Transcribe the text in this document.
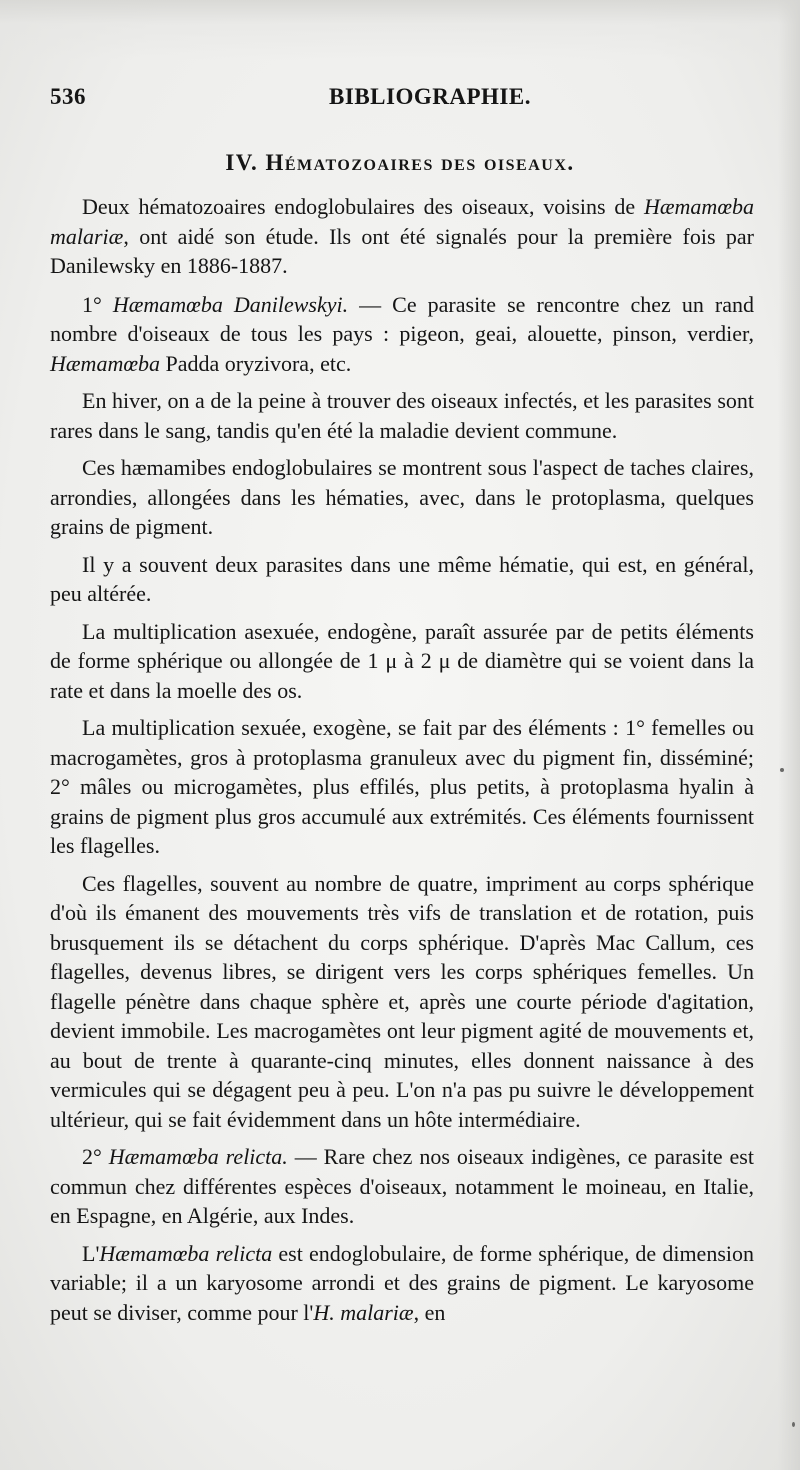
536	BIBLIOGRAPHIE.
IV. Hématozoaires des oiseaux.

Deux hématozoaires endoglobulaires des oiseaux, voisins de Hæmamœba malariæ, ont aidé son étude. Ils ont été signalés pour la première fois par Danilewsky en 1886-1887.

1° Hæmamœba Danilewskyi. — Ce parasite se rencontre chez un rand nombre d'oiseaux de tous les pays : pigeon, geai, alouette, pinson, verdier, Hæmamœba Padda oryzivora, etc.

En hiver, on a de la peine à trouver des oiseaux infectés, et les parasites sont rares dans le sang, tandis qu'en été la maladie devient commune.

Ces hæmamibes endoglobulaires se montrent sous l'aspect de taches claires, arrondies, allongées dans les hématies, avec, dans le protoplasma, quelques grains de pigment.

Il y a souvent deux parasites dans une même hématie, qui est, en général, peu altérée.

La multiplication asexuée, endogène, paraît assurée par de petits éléments de forme sphérique ou allongée de 1 μ à 2 μ de diamètre qui se voient dans la rate et dans la moelle des os.

La multiplication sexuée, exogène, se fait par des éléments : 1° femelles ou macrogamètes, gros à protoplasma granuleux avec du pigment fin, disséminé; 2° mâles ou microgamètes, plus effilés, plus petits, à protoplasma hyalin à grains de pigment plus gros accumulé aux extrémités. Ces éléments fournissent les flagelles.

Ces flagelles, souvent au nombre de quatre, impriment au corps sphérique d'où ils émanent des mouvements très vifs de translation et de rotation, puis brusquement ils se détachent du corps sphérique. D'après Mac Callum, ces flagelles, devenus libres, se dirigent vers les corps sphériques femelles. Un flagelle pénètre dans chaque sphère et, après une courte période d'agitation, devient immobile. Les macrogamètes ont leur pigment agité de mouvements et, au bout de trente à quarante-cinq minutes, elles donnent naissance à des vermicules qui se dégagent peu à peu. L'on n'a pas pu suivre le développement ultérieur, qui se fait évidemment dans un hôte intermédiaire.

2° Hæmamœba relicta. — Rare chez nos oiseaux indigènes, ce parasite est commun chez différentes espèces d'oiseaux, notamment le moineau, en Italie, en Espagne, en Algérie, aux Indes.

L'Hæmamœba relicta est endoglobulaire, de forme sphérique, de dimension variable; il a un karyosome arrondi et des grains de pigment. Le karyosome peut se diviser, comme pour l'H. malariæ, en
